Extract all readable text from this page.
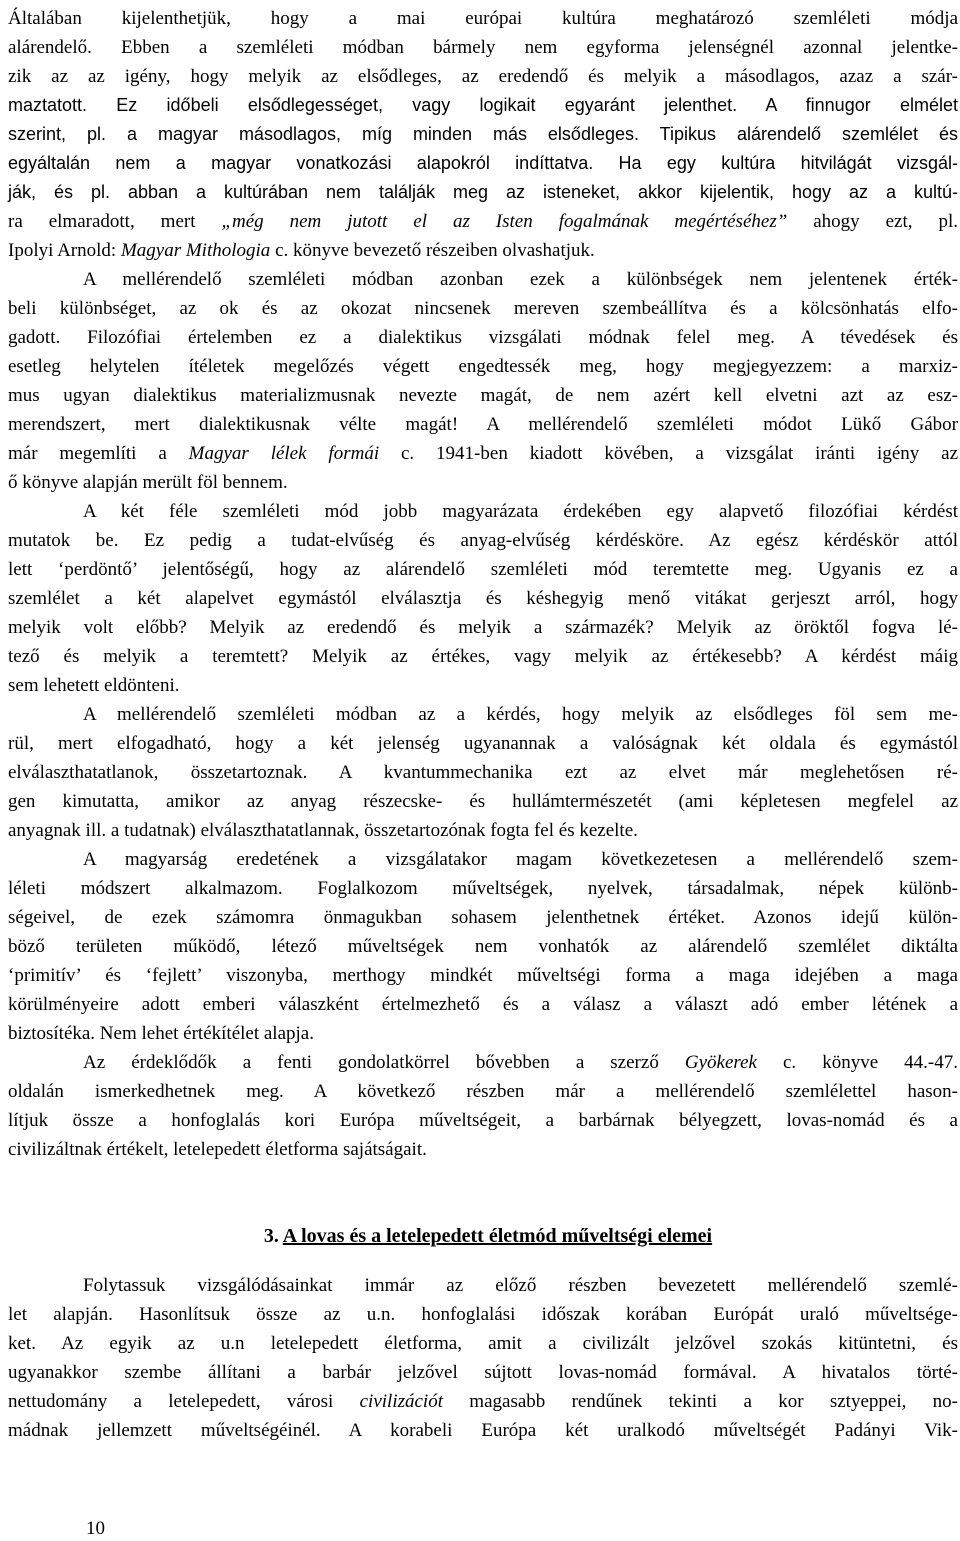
Általában kijelenthetjük, hogy a mai európai kultúra meghatározó szemléleti módja
alárendelő. Ebben a szemléleti módban bármely nem egyforma jelenségnél azonnal jelentke-
zik az az igény, hogy melyik az elsődleges, az eredendő és melyik a másodlagos, azaz a szár-
maztatott. Ez időbeli elsődlegességet, vagy logikait egyaránt jelenthet. A finnugor elmélet
szerint, pl. a magyar másodlagos, míg minden más elsődleges. Tipikus alárendelő szemlélet és
egyáltalán nem a magyar vonatkozási alapokról indíttatva. Ha egy kultúra hitvilágát vizsgál-
ják, és pl. abban a kultúrában nem találják meg az isteneket, akkor kijelentik, hogy az a kultú-
ra elmaradott, mert „még nem jutott el az Isten fogalmának megértéséhez” ahogy ezt, pl.
Ipolyi Arnold: Magyar Mithologia c. könyve bevezető részeiben olvashatjuk.
A mellérendelő szemléleti módban azonban ezek a különbségek nem jelentenek érték-
beli különbséget, az ok és az okozat nincsenek mereven szembeállítva és a kölcsönhatás elfo-
gadott. Filozófiai értelemben ez a dialektikus vizsgálati módnak felel meg. A tévedések és
esetleg helytelen ítéletek megelőzés végett engedtessék meg, hogy megjegyezzem: a marxiz-
mus ugyan dialektikus materializmusnak nevezte magát, de nem azért kell elvetni azt az esz-
merendszert, mert dialektikusnak vélte magát! A mellérendelő szemléleti módot Lükő Gábor
már megemlíti a Magyar lélek formái c. 1941-ben kiadott kövében, a vizsgálat iránti igény az
ő könyve alapján merült föl bennem.
A két féle szemléleti mód jobb magyarázata érdekében egy alapvető filozófiai kérdést
mutatok be. Ez pedig a tudat-elvűség és anyag-elvűség kérdésköre. Az egész kérdéskör attól
lett ‘perdöntő’ jelentőségű, hogy az alárendelő szemléleti mód teremtette meg. Ugyanis ez a
szemlélet a két alapelvet egymástól elválasztja és késhegyig menő vitákat gerjeszt arról, hogy
melyik volt előbb? Melyik az eredendő és melyik a származék? Melyik az öröktől fogva lé-
tező és melyik a teremtett? Melyik az értékes, vagy melyik az értékesebb? A kérdést máig
sem lehetett eldönteni.
A mellérendelő szemléleti módban az a kérdés, hogy melyik az elsődleges föl sem me-
rül, mert elfogadható, hogy a két jelenség ugyanannak a valóságnak két oldala és egymástól
elválaszthatatlanok, összetartoznak. A kvantummechanika ezt az elvet már meglehetősen ré-
gen kimutatta, amikor az anyag részecske- és hullámtermészetét (ami képletesen megfelel az
anyagnak ill. a tudatnak) elválaszthatatlannak, összetartozónak fogta fel és kezelte.
A magyarság eredetének a vizsgálatakor magam következetesen a mellérendelő szem-
léleti módszert alkalmazom. Foglalkozom műveltségek, nyelvek, társadalmak, népek különb-
ségeivel, de ezek számomra önmagukban sohasem jelenthetnek értéket. Azonos idejű külön-
böző területen működő, létező műveltségek nem vonhatók az alárendelő szemlélet diktálta
‘primitív’ és ‘fejlett’ viszonyba, merthogy mindkét műveltségi forma a maga idejében a maga
körülményeire adott emberi válaszként értelmezhető és a válasz a választ adó ember létének a
biztosítéka. Nem lehet értékítélet alapja.
Az érdeklődők a fenti gondolatkörrel bővebben a szerző Gyökerek c. könyve 44.-47.
oldalán ismerkedhetnek meg. A következő részben már a mellérendelő szemlélettel hason-
lítjuk össze a honfoglalás kori Európa műveltségeit, a barbárnak bélyegzett, lovas-nomád és a
civilizáltnak értékelt, letelepedett életforma sajátságait.
3. A lovas és a letelepedett életmód műveltségi elemei
Folytassuk vizsgálódásainkat immár az előző részben bevezetett mellérendelő szemlé-
let alapján. Hasonlítsuk össze az u.n. honfoglalási időszak korában Európát uraló műveltsége-
ket. Az egyik az u.n letelepedett életforma, amit a civilizált jelzővel szokás kitüntetni, és
ugyanakkor szembe állítani a barbár jelzővel sújtott lovas-nomád formával. A hivatalos törté-
nettudomány a letelepedett, városi civilizációt magasabb rendűnek tekinti a kor sztyeppei, no-
mádnak jellemzett műveltségéinél. A korabeli Európa két uralkodó műveltségét Padányi Vik-
10
